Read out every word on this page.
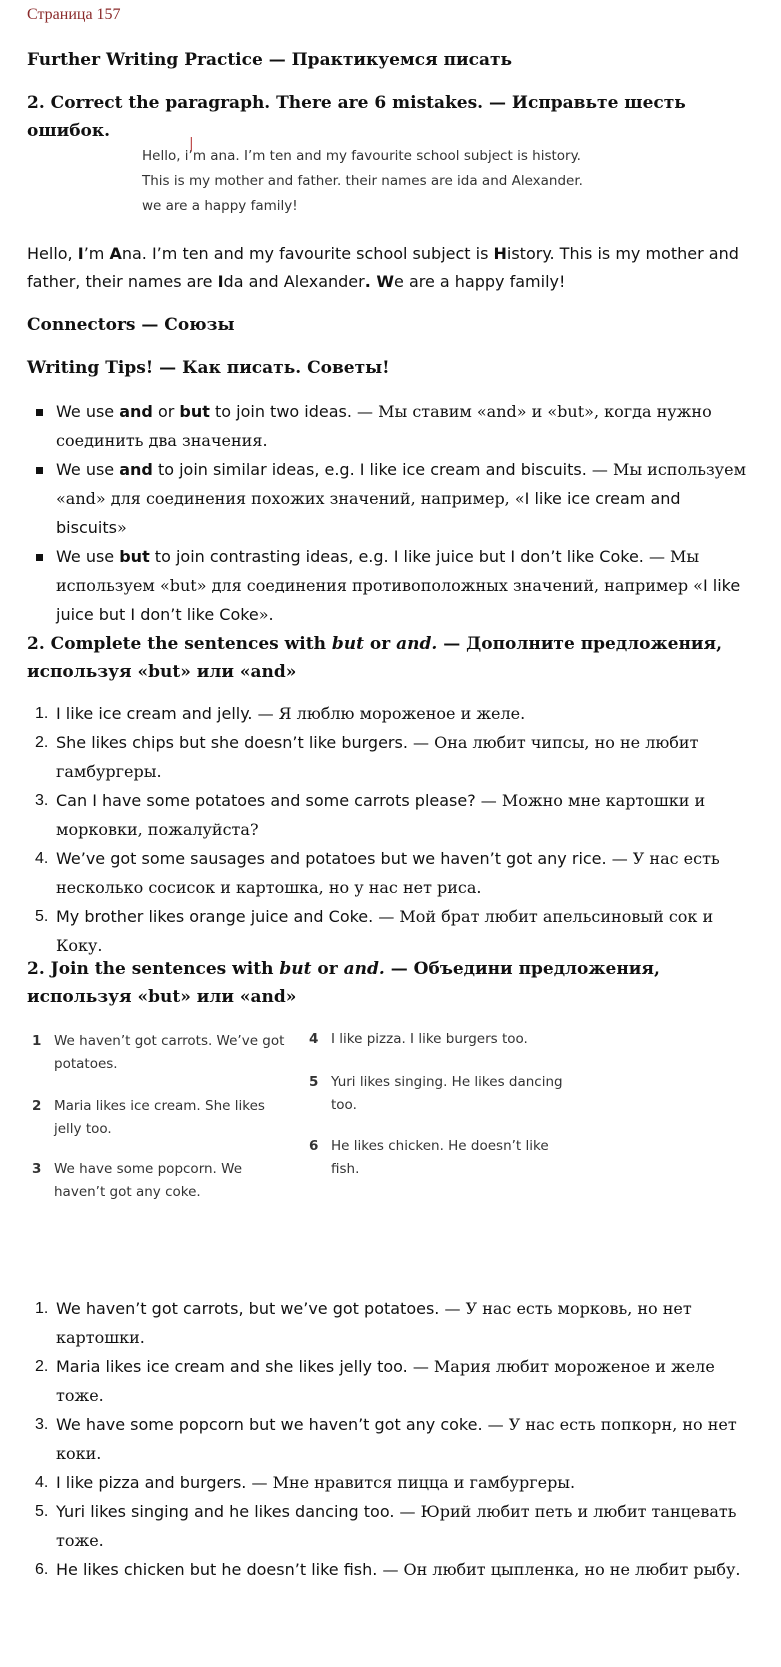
Страница 157
Further Writing Practice — Практикуемся писать
2. Correct the paragraph. There are 6 mistakes. — Исправьте шесть ошибок.
Hello, i’m ana. I’m ten and my favourite school subject is history.
This is my mother and father. their names are ida and Alexander.
we are a happy family!
|
Hello, I’m Ana. I’m ten and my favourite school subject is History. This is my mother and father, their names are Ida and Alexander. We are a happy family!
Connectors — Союзы
Writing Tips! — Как писать. Советы!
We use and or but to join two ideas. — Мы ставим «and» и «but», когда нужно соединить два значения.
We use and to join similar ideas, e.g. I like ice cream and biscuits. — Мы используем «and» для соединения похожих значений, например, «I like ice cream and biscuits»
We use but to join contrasting ideas, e.g. I like juice but I don’t like Coke. — Мы используем «but» для соединения противоположных значений, например «I like juice but I don’t like Coke».
2. Complete the sentences with but or and. — Дополните предложения, используя «but» или «and»
1. I like ice cream and jelly. — Я люблю мороженое и желе.
2. She likes chips but she doesn’t like burgers. — Она любит чипсы, но не любит гамбургеры.
3. Can I have some potatoes and some carrots please? — Можно мне картошки и морковки, пожалуйста?
4. We’ve got some sausages and potatoes but we haven’t got any rice. — У нас есть несколько сосисок и картошка, но у нас нет риса.
5. My brother likes orange juice and Coke. — Мой брат любит апельсиновый сок и Коку.
2. Join the sentences with but or and. — Объедини предложения, используя «but» или «and»
1 We haven’t got carrots. We’ve got potatoes.
2 Maria likes ice cream. She likes jelly too.
3 We have some popcorn. We haven’t got any coke.
4 I like pizza. I like burgers too.
5 Yuri likes singing. He likes dancing too.
6 He likes chicken. He doesn’t like fish.
1. We haven’t got carrots, but we’ve got potatoes. — У нас есть морковь, но нет картошки.
2. Maria likes ice cream and she likes jelly too. — Мария любит мороженое и желе тоже.
3. We have some popcorn but we haven’t got any coke. — У нас есть попкорн, но нет коки.
4. I like pizza and burgers. — Мне нравится пицца и гамбургеры.
5. Yuri likes singing and he likes dancing too. — Юрий любит петь и любит танцевать тоже.
6. He likes chicken but he doesn’t like fish. — Он любит цыпленка, но не любит рыбу.
